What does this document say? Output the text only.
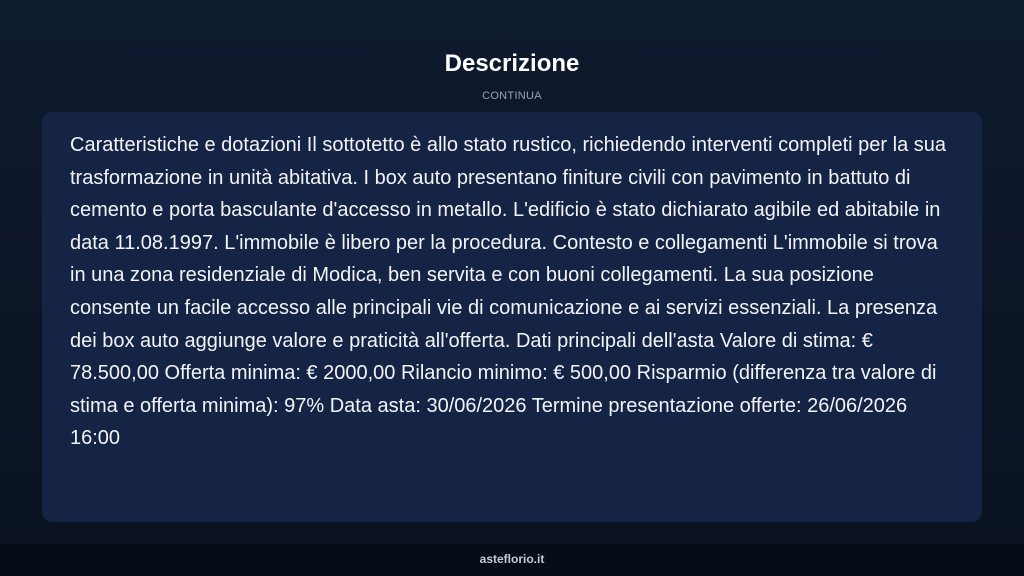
Descrizione
CONTINUA

Caratteristiche e dotazioni Il sottotetto è allo stato rustico, richiedendo interventi completi per la sua trasformazione in unità abitativa. I box auto presentano finiture civili con pavimento in battuto di cemento e porta basculante d'accesso in metallo. L'edificio è stato dichiarato agibile ed abitabile in data 11.08.1997. L'immobile è libero per la procedura. Contesto e collegamenti L'immobile si trova in una zona residenziale di Modica, ben servita e con buoni collegamenti. La sua posizione consente un facile accesso alle principali vie di comunicazione e ai servizi essenziali. La presenza dei box auto aggiunge valore e praticità all'offerta. Dati principali dell'asta Valore di stima: € 78.500,00 Offerta minima: € 2000,00 Rilancio minimo: € 500,00 Risparmio (differenza tra valore di stima e offerta minima): 97% Data asta: 30/06/2026 Termine presentazione offerte: 26/06/2026 16:00

asteflorio.it
